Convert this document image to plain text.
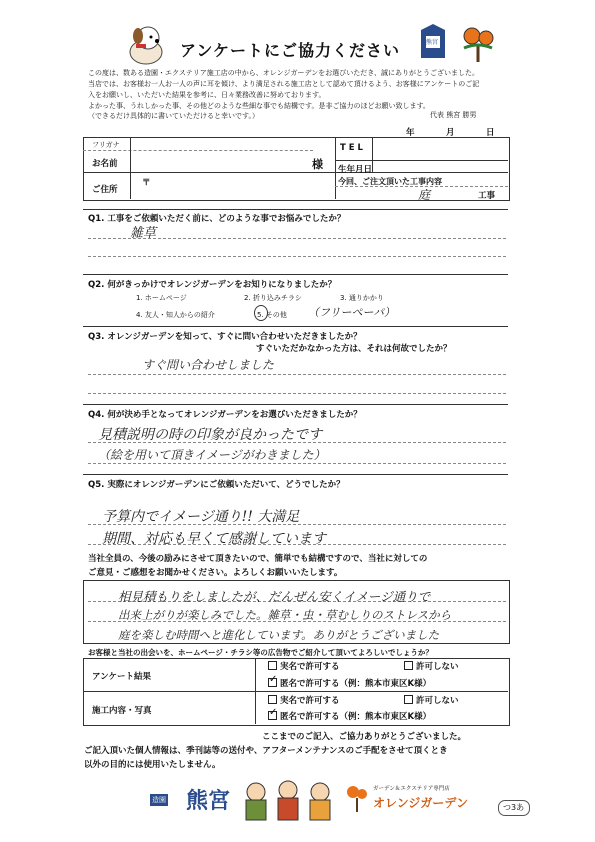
アンケートにご協力ください	熊宮
この度は、数ある造園・エクステリア施工店の中から、オレンジガーデンをお選びいただき、誠にありがとうございました。
当店では、お客様お一人お一人の声に耳を傾け、より満足される施工店として認めて頂けるよう、お客様にアンケートのご記
入をお願いし、いただいた結果を参考に、日々業務改善に努めております。
よかった事、うれしかった事、その他どのような些細な事でも結構です。是非ご協力のほどお願い致します。
（できるだけ具体的に書いていただけると幸いです。）	代表 熊宮 勝男
年	月	日
フリガナ
お名前	様
T E L
生年月日
ご住所
〒	今回、ご注文頂いた工事内容
庭	工事
Q1. 工事をご依頼いただく前に、どのような事でお悩みでしたか？
雑草
Q2. 何がきっかけでオレンジガーデンをお知りになりましたか？
1. ホームページ	2. 折り込みチラシ	3. 通りかかり
4. 友人・知人からの紹介	5. その他 （フリーペーパ）
Q3. オレンジガーデンを知って、すぐに問い合わせいただきましたか？
すぐいただかなかった方は、それは何故でしたか？
すぐ問い合わせしました
Q4. 何が決め手となってオレンジガーデンをお選びいただきましたか？
見積説明の時の印象が良かったです
（絵を用いて頂きイメージがわきました）
Q5. 実際にオレンジガーデンにご依頼いただいて、どうでしたか？
予算内でイメージ通り!! 大満足
期間、対応も早くて感謝しています
当社全員の、今後の励みにさせて頂きたいので、簡単でも結構ですので、当社に対しての
ご意見・ご感想をお聞かせください。よろしくお願いいたします。
相見積もりをしましたが、だんぜん安くイメージ通りで
出来上がりが楽しみでした。雑草・虫・草むしりのストレスから
庭を楽しむ時間へと進化しています。ありがとうございました
お客様と当社の出会いを、ホームページ・チラシ等の広告物でご紹介して頂いてよろしいでしょうか？
アンケート結果
実名で許可する	許可しない
✓ 匿名で許可する（例：熊本市東区K様）
施工内容・写真
実名で許可する	許可しない
✓ 匿名で許可する（例：熊本市東区K様）
ここまでのご記入、ご協力ありがとうございました。
ご記入頂いた個人情報は、季刊誌等の送付や、アフターメンテナンスのご手配をさせて頂くとき
以外の目的には使用いたしません。
造園 熊宮	ガーデン＆エクステリア専門店
オレンジガーデン	つ3あ
